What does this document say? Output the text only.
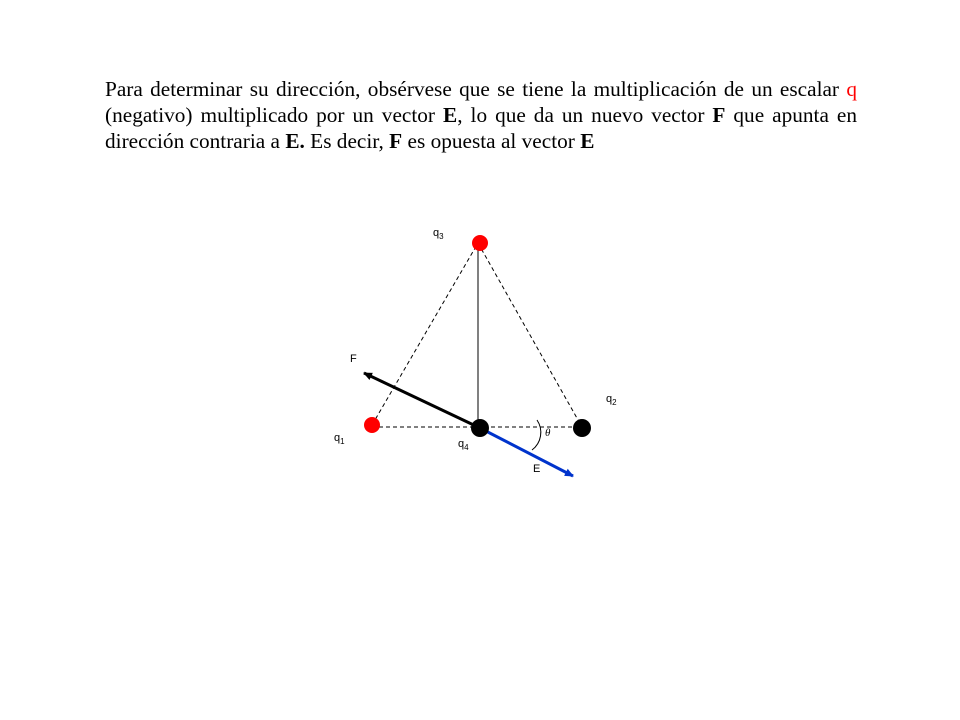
Para determinar su dirección, obsérvese que se tiene la multiplicación de un escalar q (negativo) multiplicado por un vector E, lo que da un nuevo vector F que apunta en dirección contraria a E. Es decir, F es opuesta al vector E

$q_3$
$q_2$
$q_1$	$q_4$
F
E
θ
